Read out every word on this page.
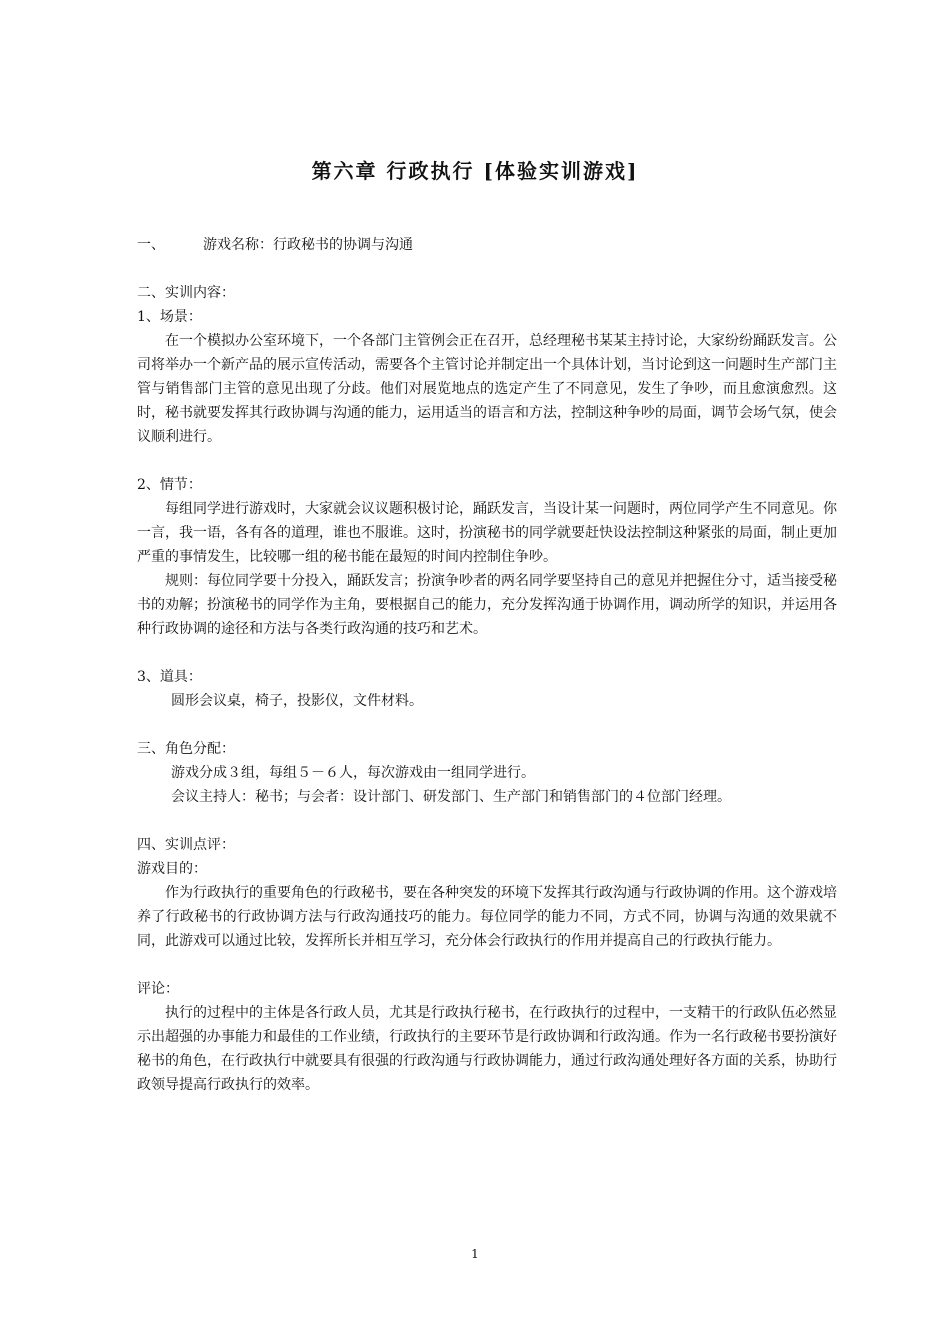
第六章 行政执行 [体验实训游戏]

一、	游戏名称：行政秘书的协调与沟通

二、实训内容：

1、场景：

在一个模拟办公室环境下，一个各部门主管例会正在召开，总经理秘书某某主持讨论，大家纷纷踊跃发言。公司将举办一个新产品的展示宣传活动，需要各个主管讨论并制定出一个具体计划，当讨论到这一问题时生产部门主管与销售部门主管的意见出现了分歧。他们对展览地点的选定产生了不同意见，发生了争吵，而且愈演愈烈。这时，秘书就要发挥其行政协调与沟通的能力，运用适当的语言和方法，控制这种争吵的局面，调节会场气氛，使会议顺利进行。

2、情节：

每组同学进行游戏时，大家就会议议题积极讨论，踊跃发言，当设计某一问题时，两位同学产生不同意见。你一言，我一语，各有各的道理，谁也不服谁。这时，扮演秘书的同学就要赶快设法控制这种紧张的局面，制止更加严重的事情发生，比较哪一组的秘书能在最短的时间内控制住争吵。

规则：每位同学要十分投入，踊跃发言；扮演争吵者的两名同学要坚持自己的意见并把握住分寸，适当接受秘书的劝解；扮演秘书的同学作为主角，要根据自己的能力，充分发挥沟通于协调作用，调动所学的知识，并运用各种行政协调的途径和方法与各类行政沟通的技巧和艺术。

3、道具：

圆形会议桌，椅子，投影仪，文件材料。

三、角色分配：

游戏分成３组，每组５－６人，每次游戏由一组同学进行。

会议主持人：秘书；与会者：设计部门、研发部门、生产部门和销售部门的４位部门经理。

四、实训点评：

游戏目的：

作为行政执行的重要角色的行政秘书，要在各种突发的环境下发挥其行政沟通与行政协调的作用。这个游戏培养了行政秘书的行政协调方法与行政沟通技巧的能力。每位同学的能力不同，方式不同，协调与沟通的效果就不同，此游戏可以通过比较，发挥所长并相互学习，充分体会行政执行的作用并提高自己的行政执行能力。

评论：

执行的过程中的主体是各行政人员，尤其是行政执行秘书，在行政执行的过程中，一支精干的行政队伍必然显示出超强的办事能力和最佳的工作业绩，行政执行的主要环节是行政协调和行政沟通。作为一名行政秘书要扮演好秘书的角色，在行政执行中就要具有很强的行政沟通与行政协调能力，通过行政沟通处理好各方面的关系，协助行政领导提高行政执行的效率。

1
